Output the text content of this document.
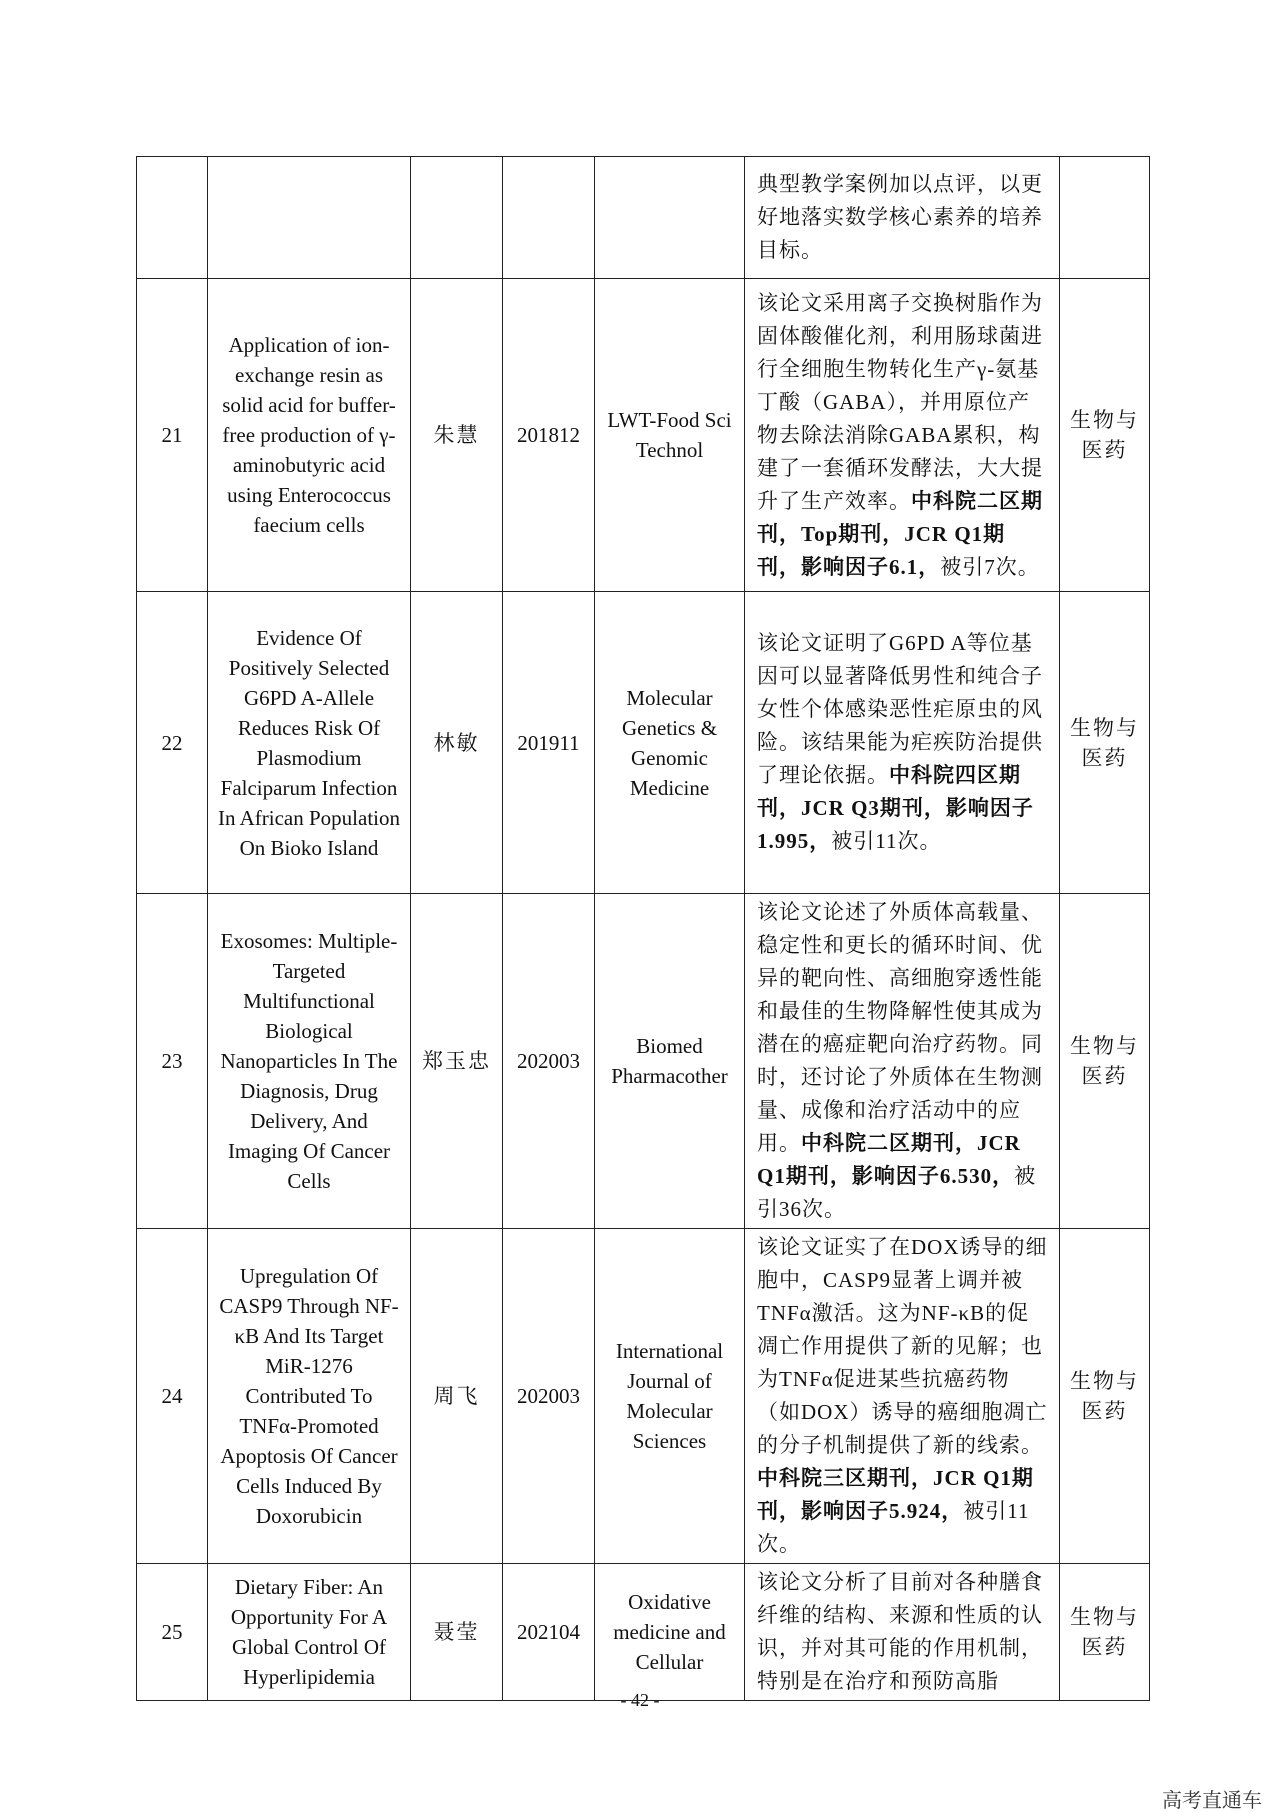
					典型教学案例加以点评，以更好地落实数学核心素养的培养目标。	
21	Application of ion-exchange resin as solid acid for buffer-free production of γ-aminobutyric acid using Enterococcus faecium cells	朱慧	201812	LWT-Food Sci Technol	该论文采用离子交换树脂作为固体酸催化剂，利用肠球菌进行全细胞生物转化生产γ-氨基丁酸（GABA），并用原位产物去除法消除GABA累积，构建了一套循环发酵法，大大提升了生产效率。中科院二区期刊，Top期刊，JCR Q1期刊，影响因子6.1，被引7次。	生物与医药
22	Evidence Of Positively Selected G6PD A-Allele Reduces Risk Of Plasmodium Falciparum Infection In African Population On Bioko Island	林敏	201911	Molecular Genetics & Genomic Medicine	该论文证明了G6PD A等位基因可以显著降低男性和纯合子女性个体感染恶性疟原虫的风险。该结果能为疟疾防治提供了理论依据。中科院四区期刊，JCR Q3期刊，影响因子1.995，被引11次。	生物与医药
23	Exosomes: Multiple-Targeted Multifunctional Biological Nanoparticles In The Diagnosis, Drug Delivery, And Imaging Of Cancer Cells	郑玉忠	202003	Biomed Pharmacother	该论文论述了外质体高载量、稳定性和更长的循环时间、优异的靶向性、高细胞穿透性能和最佳的生物降解性使其成为潜在的癌症靶向治疗药物。同时，还讨论了外质体在生物测量、成像和治疗活动中的应用。中科院二区期刊，JCR Q1期刊，影响因子6.530，被引36次。	生物与医药
24	Upregulation Of CASP9 Through NF-κB And Its Target MiR-1276 Contributed To TNFα-Promoted Apoptosis Of Cancer Cells Induced By Doxorubicin	周飞	202003	International Journal of Molecular Sciences	该论文证实了在DOX诱导的细胞中，CASP9显著上调并被TNFα激活。这为NF-κB的促凋亡作用提供了新的见解；也为TNFα促进某些抗癌药物（如DOX）诱导的癌细胞凋亡的分子机制提供了新的线索。中科院三区期刊，JCR Q1期刊，影响因子5.924，被引11次。	生物与医药
25	Dietary Fiber: An Opportunity For A Global Control Of Hyperlipidemia	聂莹	202104	Oxidative medicine and Cellular	该论文分析了目前对各种膳食纤维的结构、来源和性质的认识，并对其可能的作用机制，特别是在治疗和预防高脂	生物与医药
- 42 -
高考直通车
